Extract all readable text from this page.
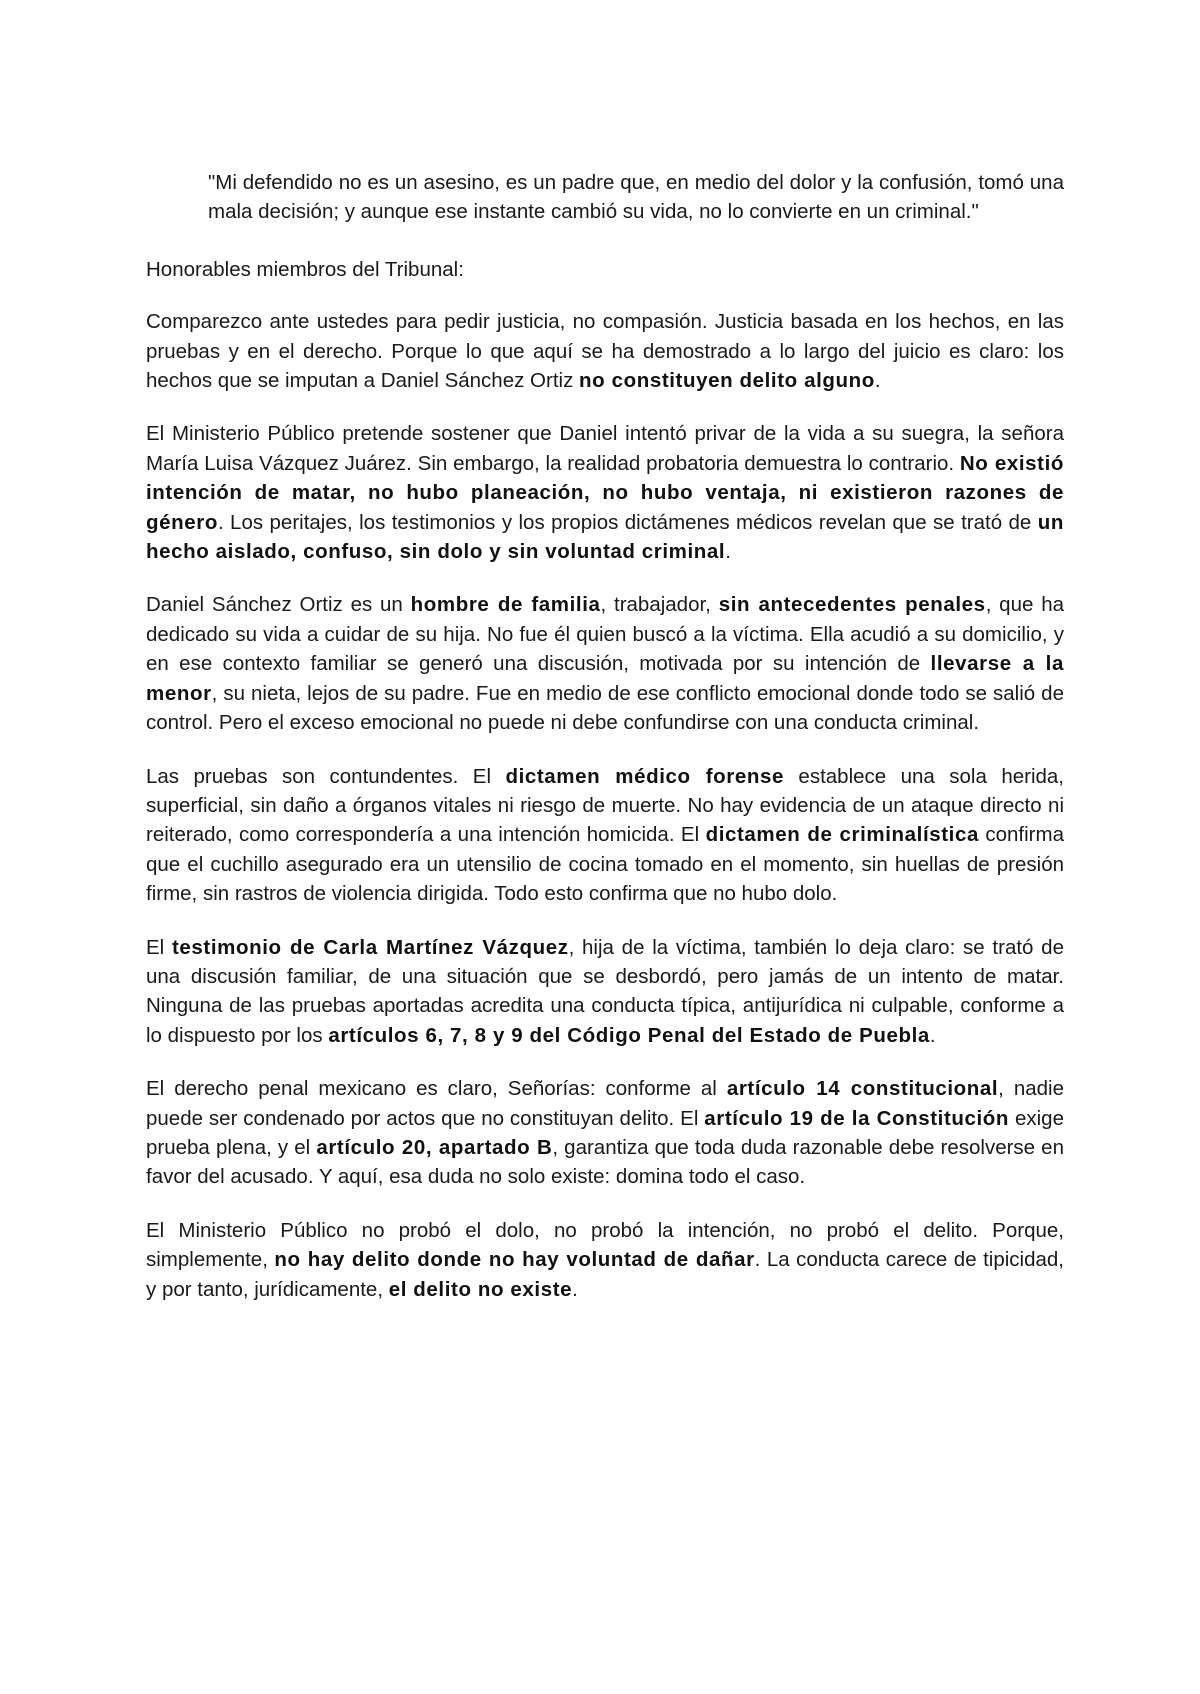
"Mi defendido no es un asesino, es un padre que, en medio del dolor y la confusión, tomó una mala decisión; y aunque ese instante cambió su vida, no lo convierte en un criminal."

Honorables miembros del Tribunal:

Comparezco ante ustedes para pedir justicia, no compasión. Justicia basada en los hechos, en las pruebas y en el derecho. Porque lo que aquí se ha demostrado a lo largo del juicio es claro: los hechos que se imputan a Daniel Sánchez Ortiz no constituyen delito alguno.

El Ministerio Público pretende sostener que Daniel intentó privar de la vida a su suegra, la señora María Luisa Vázquez Juárez. Sin embargo, la realidad probatoria demuestra lo contrario. No existió intención de matar, no hubo planeación, no hubo ventaja, ni existieron razones de género. Los peritajes, los testimonios y los propios dictámenes médicos revelan que se trató de un hecho aislado, confuso, sin dolo y sin voluntad criminal.

Daniel Sánchez Ortiz es un hombre de familia, trabajador, sin antecedentes penales, que ha dedicado su vida a cuidar de su hija. No fue él quien buscó a la víctima. Ella acudió a su domicilio, y en ese contexto familiar se generó una discusión, motivada por su intención de llevarse a la menor, su nieta, lejos de su padre. Fue en medio de ese conflicto emocional donde todo se salió de control. Pero el exceso emocional no puede ni debe confundirse con una conducta criminal.

Las pruebas son contundentes. El dictamen médico forense establece una sola herida, superficial, sin daño a órganos vitales ni riesgo de muerte. No hay evidencia de un ataque directo ni reiterado, como correspondería a una intención homicida. El dictamen de criminalística confirma que el cuchillo asegurado era un utensilio de cocina tomado en el momento, sin huellas de presión firme, sin rastros de violencia dirigida. Todo esto confirma que no hubo dolo.

El testimonio de Carla Martínez Vázquez, hija de la víctima, también lo deja claro: se trató de una discusión familiar, de una situación que se desbordó, pero jamás de un intento de matar. Ninguna de las pruebas aportadas acredita una conducta típica, antijurídica ni culpable, conforme a lo dispuesto por los artículos 6, 7, 8 y 9 del Código Penal del Estado de Puebla.

El derecho penal mexicano es claro, Señorías: conforme al artículo 14 constitucional, nadie puede ser condenado por actos que no constituyan delito. El artículo 19 de la Constitución exige prueba plena, y el artículo 20, apartado B, garantiza que toda duda razonable debe resolverse en favor del acusado. Y aquí, esa duda no solo existe: domina todo el caso.

El Ministerio Público no probó el dolo, no probó la intención, no probó el delito. Porque, simplemente, no hay delito donde no hay voluntad de dañar. La conducta carece de tipicidad, y por tanto, jurídicamente, el delito no existe.
